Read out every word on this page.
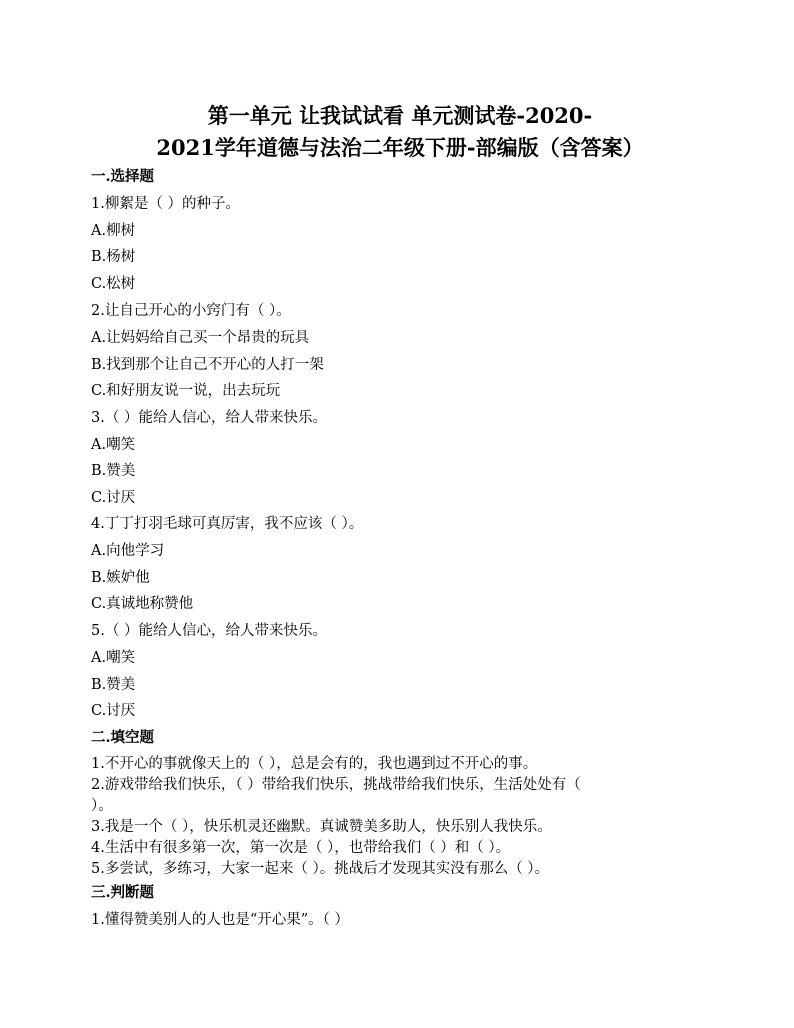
第一单元 让我试试看 单元测试卷-2020-
2021学年道德与法治二年级下册-部编版（含答案）
一.选择题
1.柳絮是（ ）的种子。
A.柳树
B.杨树
C.松树
2.让自己开心的小窍门有（ ）。
A.让妈妈给自己买一个昂贵的玩具
B.找到那个让自己不开心的人打一架
C.和好朋友说一说，出去玩玩
3.（ ）能给人信心，给人带来快乐。
A.嘲笑
B.赞美
C.讨厌
4.丁丁打羽毛球可真厉害，我不应该（ ）。
A.向他学习
B.嫉妒他
C.真诚地称赞他
5.（ ）能给人信心，给人带来快乐。
A.嘲笑
B.赞美
C.讨厌
二.填空题
1.不开心的事就像天上的（ ），总是会有的，我也遇到过不开心的事。
2.游戏带给我们快乐，（ ）带给我们快乐，挑战带给我们快乐，生活处处有（
）。
3.我是一个（ ），快乐机灵还幽默。真诚赞美多助人，快乐别人我快乐。
4.生活中有很多第一次，第一次是（ ），也带给我们（ ）和（ ）。
5.多尝试，多练习，大家一起来（ ）。挑战后才发现其实没有那么（ ）。
三.判断题
1.懂得赞美别人的人也是“开心果”。（ ）
